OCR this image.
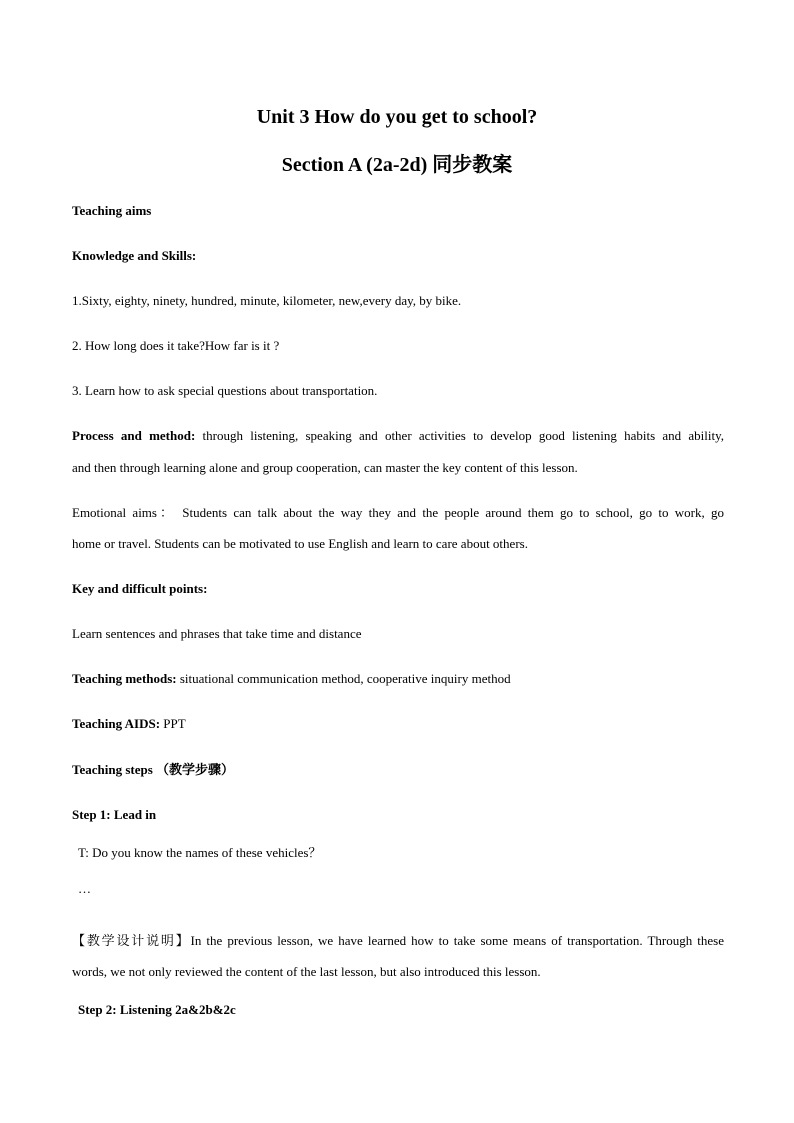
Unit 3 How do you get to school?
Section A (2a-2d) 同步教案

Teaching aims

Knowledge and Skills:

1.Sixty, eighty, ninety, hundred, minute, kilometer, new,every day, by bike.

2. How long does it take?How far is it ?

3. Learn how to ask special questions about transportation.

Process and method: through listening, speaking and other activities to develop good listening habits and ability,

and then through learning alone and group cooperation, can master the key content of this lesson.

Emotional aims： Students can talk about the way they and the people around them go to school, go to work, go

home or travel. Students can be motivated to use English and learn to care about others.

Key and difficult points:

Learn sentences and phrases that take time and distance

Teaching methods: situational communication method, cooperative inquiry method

Teaching AIDS: PPT

Teaching steps （教学步骤）

Step 1: Lead in

T: Do you know the names of these vehicles？

…

【教学设计说明】In the previous lesson, we have learned how to take some means of transportation. Through these

words, we not only reviewed the content of the last lesson, but also introduced this lesson.

Step 2: Listening 2a&2b&2c
